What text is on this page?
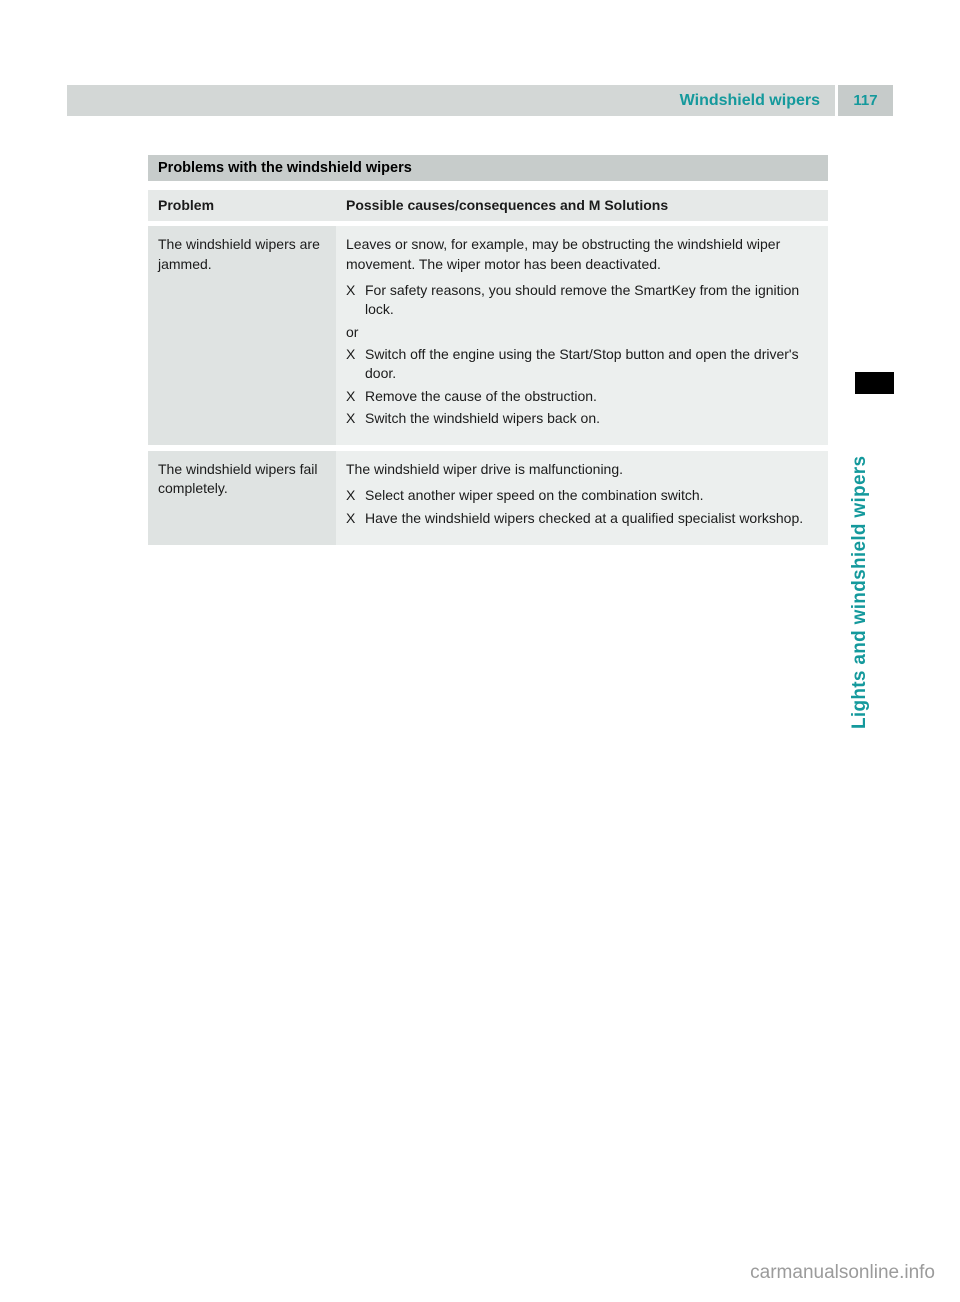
Windshield wipers 117
Problems with the windshield wipers
Problem	Possible causes/consequences and M Solutions
The windshield wipers are jammed.

Leaves or snow, for example, may be obstructing the windshield wiper movement. The wiper motor has been deactivated.

X For safety reasons, you should remove the SmartKey from the ignition lock.

or

X Switch off the engine using the Start/Stop button and open the driver's door.
X Remove the cause of the obstruction.
X Switch the windshield wipers back on.
The windshield wipers fail completely.

The windshield wiper drive is malfunctioning.

X Select another wiper speed on the combination switch.
X Have the windshield wipers checked at a qualified specialist workshop.	Lights and windshield wipers
carmanualsonline.info
